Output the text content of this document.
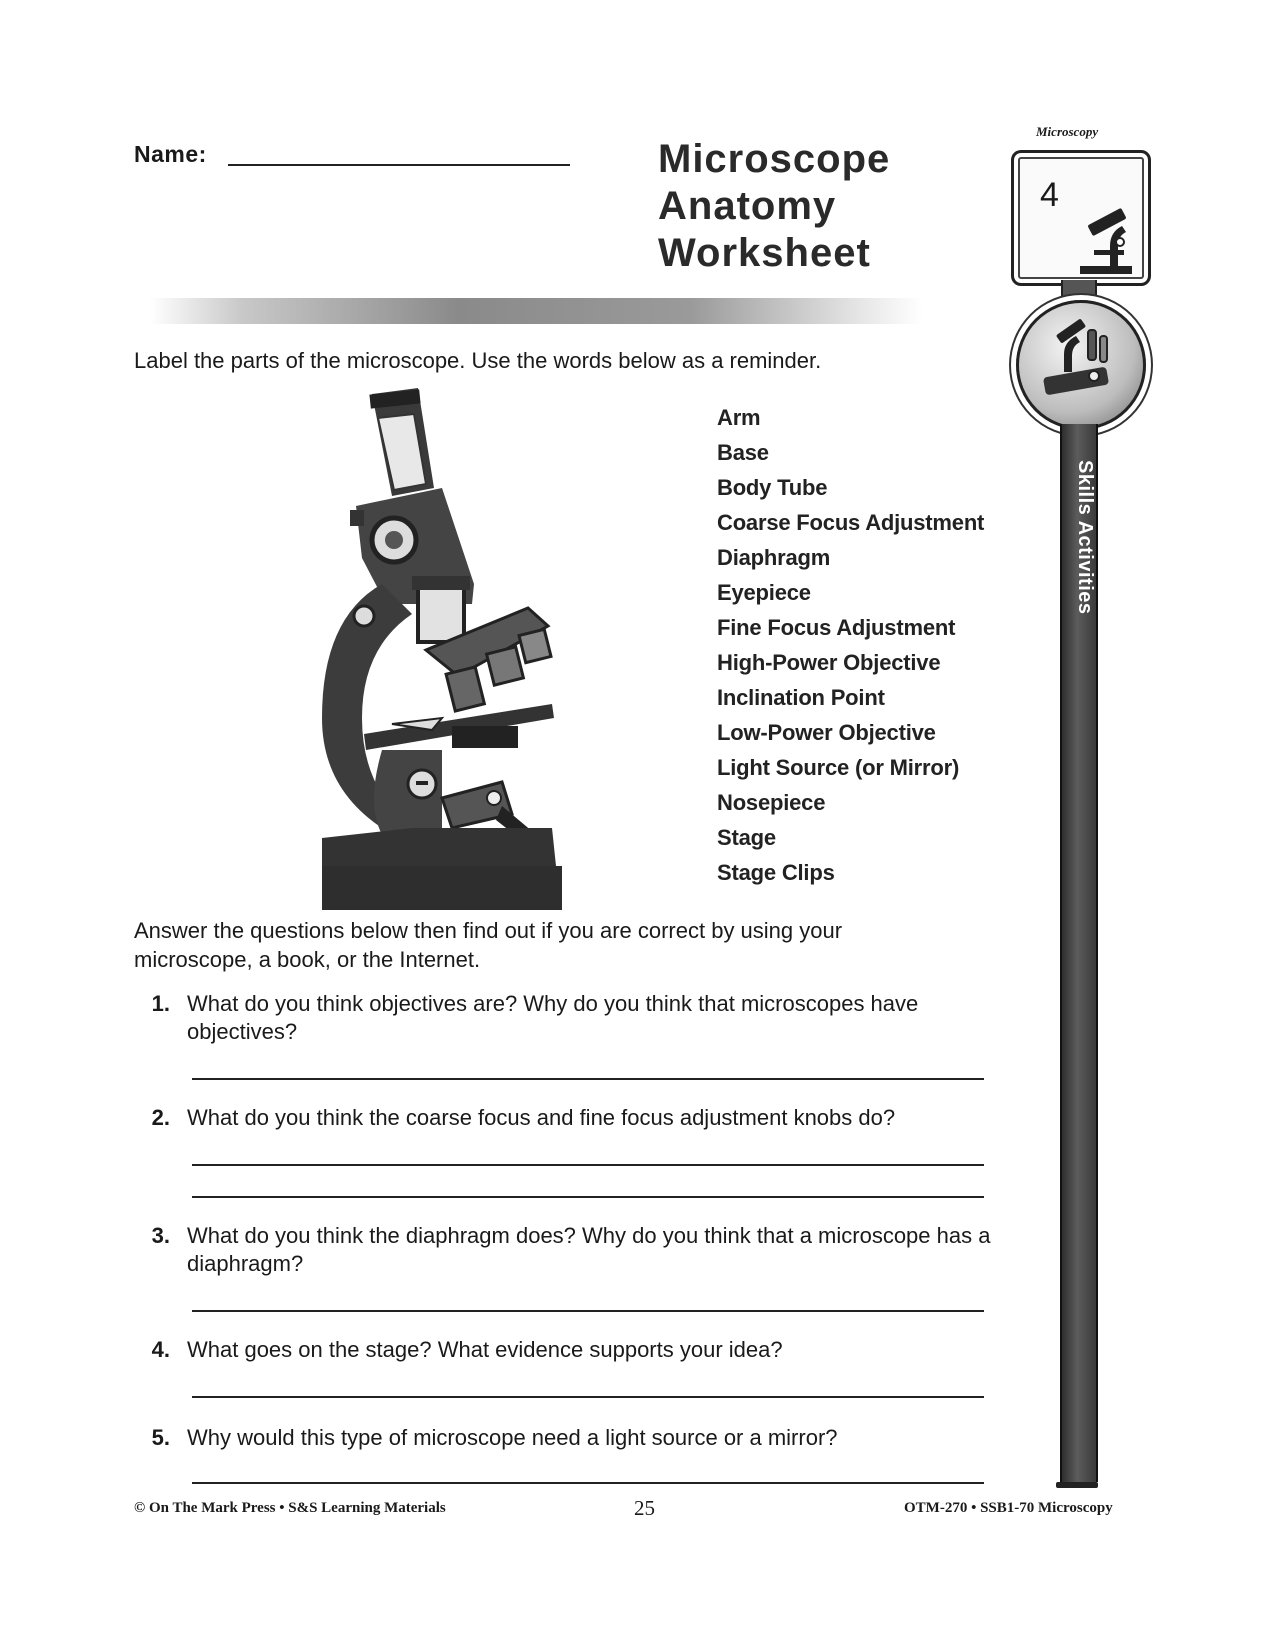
Name:	Microscope
Anatomy
Worksheet
Microscopy
4
Skills Activities
Label the parts of the microscope. Use the words below as a reminder.
Arm
Base
Body Tube
Coarse Focus Adjustment
Diaphragm
Eyepiece
Fine Focus Adjustment
High-Power Objective
Inclination Point
Low-Power Objective
Light Source (or Mirror)
Nosepiece
Stage
Stage Clips
Answer the questions below then find out if you are correct by using your microscope, a book, or the Internet.
1. What do you think objectives are? Why do you think that microscopes have objectives?
2. What do you think the coarse focus and fine focus adjustment knobs do?
3. What do you think the diaphragm does? Why do you think that a microscope has a diaphragm?
4. What goes on the stage? What evidence supports your idea?
5. Why would this type of microscope need a light source or a mirror?
© On The Mark Press • S&S Learning Materials	25	OTM-270 • SSB1-70 Microscopy
